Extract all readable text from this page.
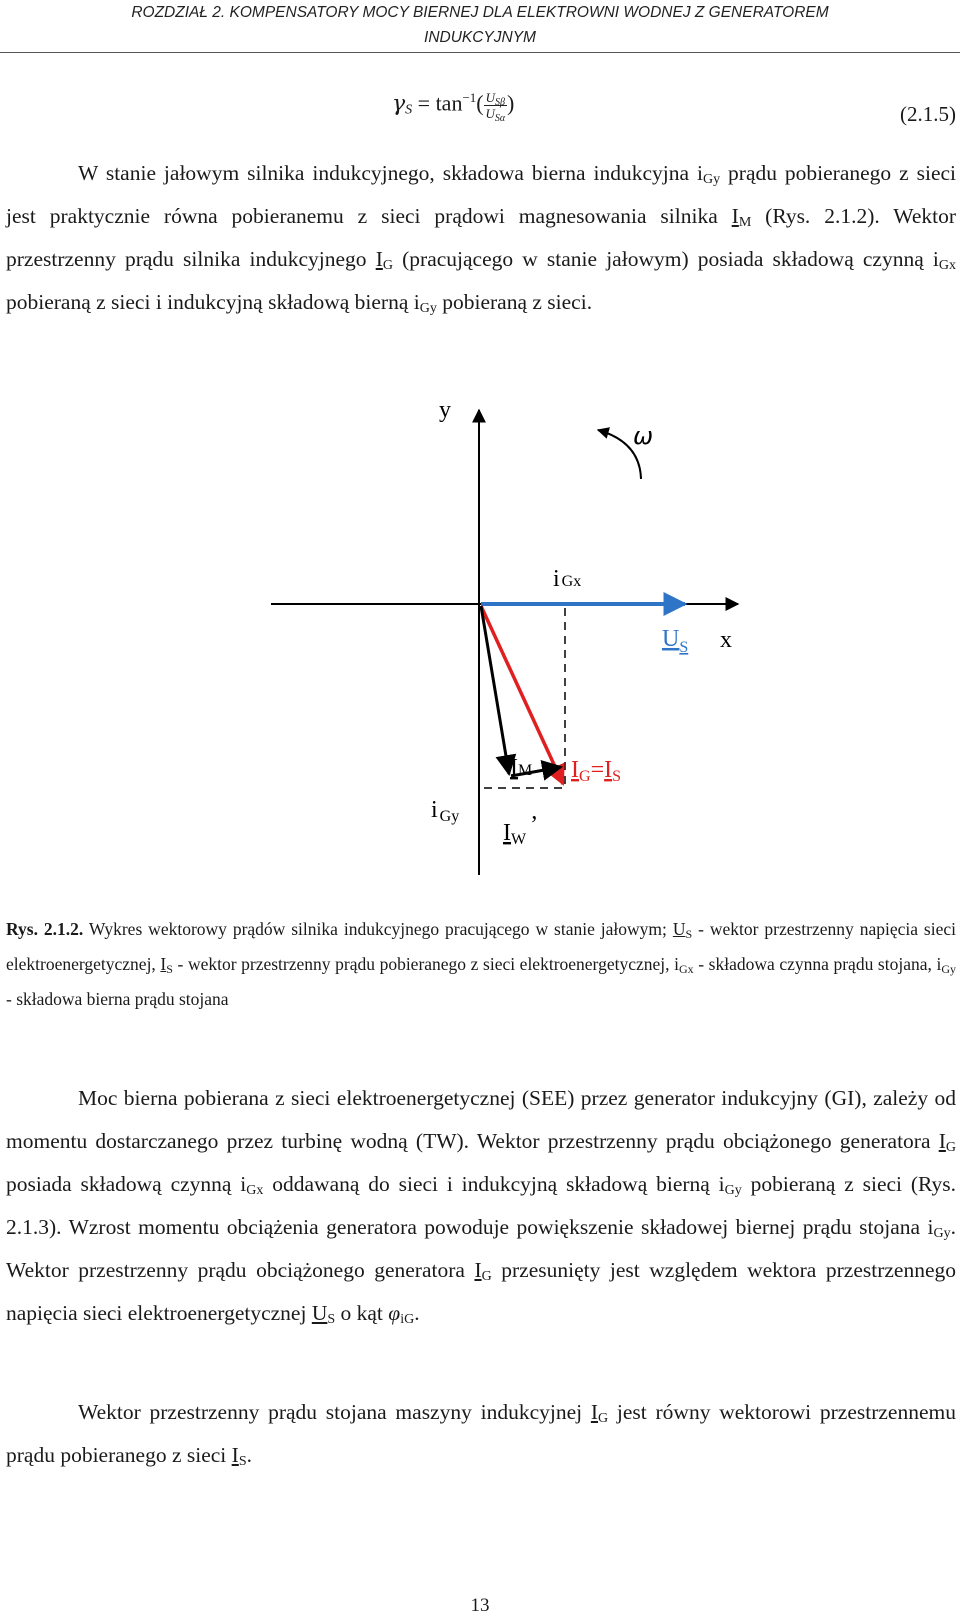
ROZDZIAŁ 2. KOMPENSATORY MOCY BIERNEJ DLA ELEKTROWNI WODNEJ Z GENERATOREM
INDUKCYJNYM
$\gamma_S = \tan^{-1}( \frac{U_{S\beta}}{U_{S\alpha}}$ )	(2.1.5)

W stanie jałowym silnika indukcyjnego, składowa bierna indukcyjna $i_{Gy}$ prądu pobieranego z sieci jest praktycznie równa pobieranemu z sieci prądowi magnesowania silnika $I_M$ (Rys. 2.1.2). Wektor przestrzenny prądu silnika indukcyjnego $I_G$ (pracującego w stanie jałowym) posiada składową czynną $i_{Gx}$ pobieraną z sieci i indukcyjną składową bierną $i_{Gy}$ pobieraną z sieci.

y
x
ω
i Gx
$U_S$
i Gy
IM
IW’
IG=IS

Rys. 2.1.2. Wykres wektorowy prądów silnika indukcyjnego pracującego w stanie jałowym; $U_S$ - wektor przestrzenny napięcia sieci elektroenergetycznej, $I_S$ - wektor przestrzenny prądu pobieranego z sieci elektroenergetycznej, $i_{Gx}$ - składowa czynna prądu stojana, $i_{Gy}$ - składowa bierna prądu stojana

Moc bierna pobierana z sieci elektroenergetycznej (SEE) przez generator indukcyjny (GI), zależy od momentu dostarczanego przez turbinę wodną (TW). Wektor przestrzenny prądu obciążonego generatora $I_G$ posiada składową czynną $i_{Gx}$ oddawaną do sieci i indukcyjną składową bierną $i_{Gy}$ pobieraną z sieci (Rys. 2.1.3). Wzrost momentu obciążenia generatora powoduje powiększenie składowej biernej prądu stojana $i_{Gy}$. Wektor przestrzenny prądu obciążonego generatora $I_G$ przesunięty jest względem wektora przestrzennego napięcia sieci elektroenergetycznej $U_S$ o kąt $\varphi_{iG}$.

Wektor przestrzenny prądu stojana maszyny indukcyjnej $I_G$ jest równy wektorowi przestrzennemu prądu pobieranego z sieci $I_S$.

13
